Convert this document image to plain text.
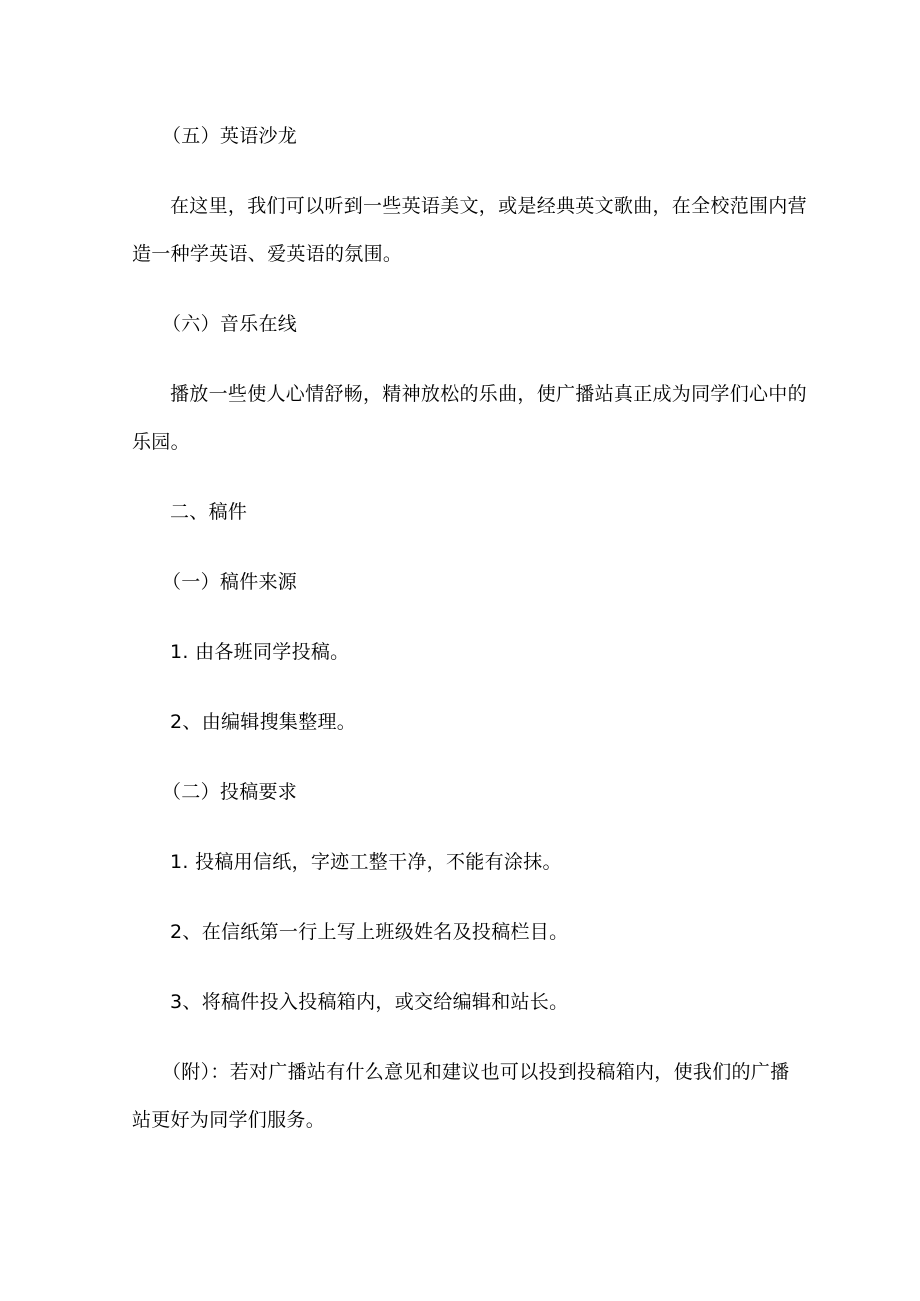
（五）英语沙龙
在这里，我们可以听到一些英语美文，或是经典英文歌曲，在全校范围内营
造一种学英语、爱英语的氛围。
（六）音乐在线
播放一些使人心情舒畅，精神放松的乐曲，使广播站真正成为同学们心中的
乐园。
二、稿件
（一）稿件来源
1. 由各班同学投稿。
2、由编辑搜集整理。
（二）投稿要求
1. 投稿用信纸，字迹工整干净，不能有涂抹。
2、在信纸第一行上写上班级姓名及投稿栏目。
3、将稿件投入投稿箱内，或交给编辑和站长。
（附）：若对广播站有什么意见和建议也可以投到投稿箱内，使我们的广播
站更好为同学们服务。
